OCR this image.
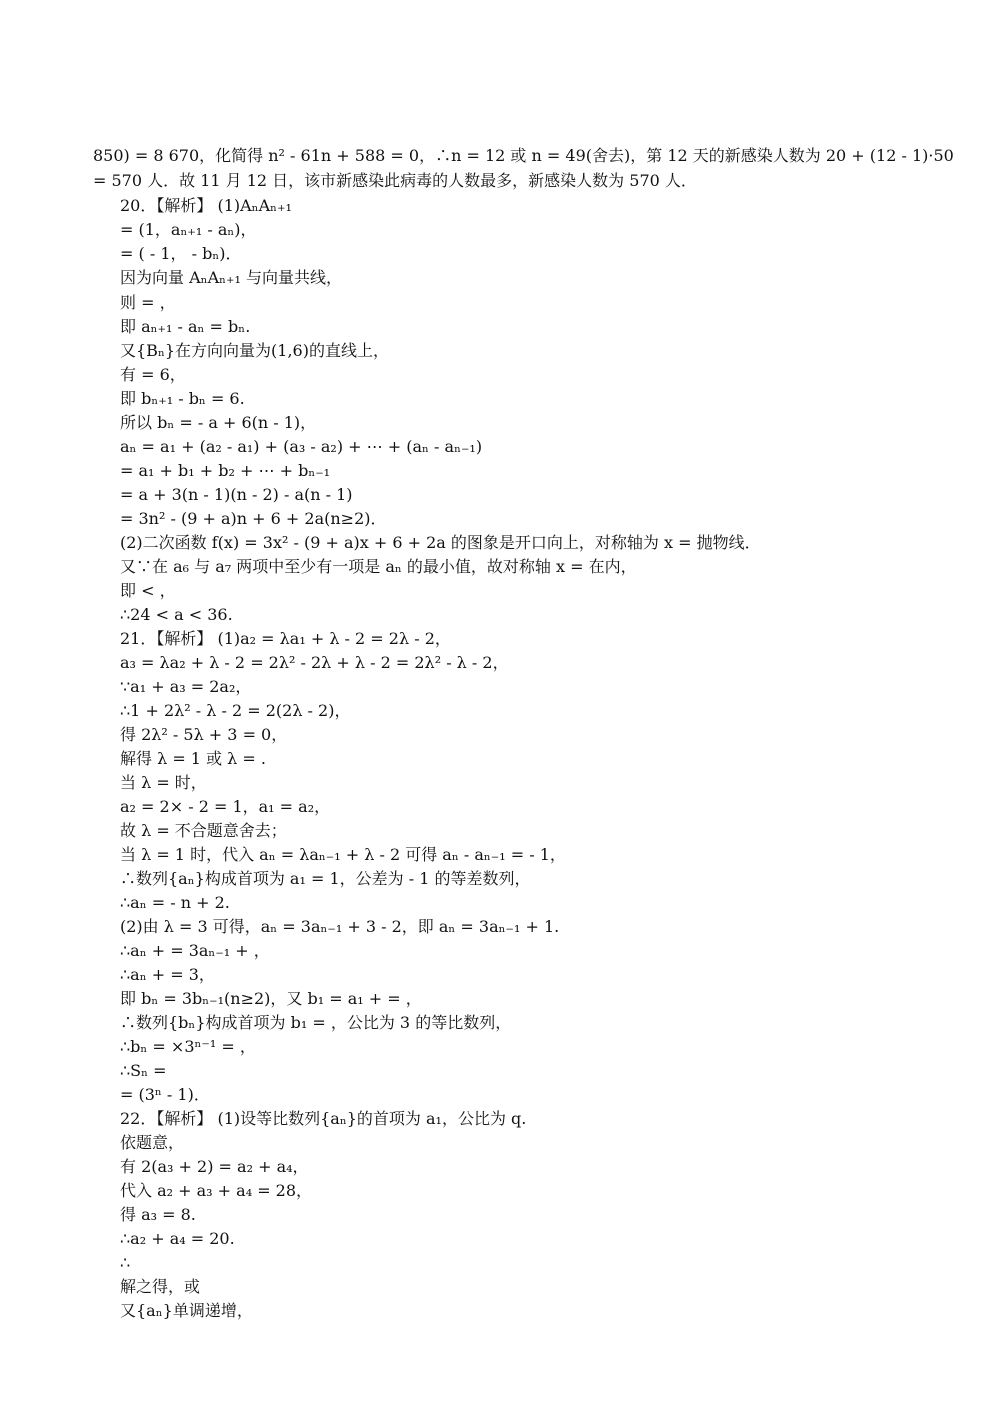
850) = 8 670，化简得 n² - 61n + 588 = 0，∴n = 12 或 n = 49(舍去)，第 12 天的新感染人数为 20 + (12 - 1)·50
= 570 人．故 11 月 12 日，该市新感染此病毒的人数最多，新感染人数为 570 人．
20．【解析】 (1)AₙAₙ₊₁
= (1，aₙ₊₁ - aₙ)，
= ( - 1， - bₙ)．
因为向量 AₙAₙ₊₁ 与向量共线，
则 = ，
即 aₙ₊₁ - aₙ = bₙ.
又{Bₙ}在方向向量为(1,6)的直线上，
有 = 6，
即 bₙ₊₁ - bₙ = 6.
所以 bₙ = - a + 6(n - 1)，
aₙ = a₁ + (a₂ - a₁) + (a₃ - a₂) + ⋯ + (aₙ - aₙ₋₁)
= a₁ + b₁ + b₂ + ⋯ + bₙ₋₁
= a + 3(n - 1)(n - 2) - a(n - 1)
= 3n² - (9 + a)n + 6 + 2a(n≥2)．
(2)二次函数 f(x) = 3x² - (9 + a)x + 6 + 2a 的图象是开口向上，对称轴为 x = 抛物线．
又∵在 a₆ 与 a₇ 两项中至少有一项是 aₙ 的最小值，故对称轴 x = 在内，
即 < ，
∴24 < a < 36.
21．【解析】 (1)a₂ = λa₁ + λ - 2 = 2λ - 2，
a₃ = λa₂ + λ - 2 = 2λ² - 2λ + λ - 2 = 2λ² - λ - 2，
∵a₁ + a₃ = 2a₂，
∴1 + 2λ² - λ - 2 = 2(2λ - 2)，
得 2λ² - 5λ + 3 = 0，
解得 λ = 1 或 λ = .
当 λ = 时，
a₂ = 2× - 2 = 1，a₁ = a₂，
故 λ = 不合题意舍去；
当 λ = 1 时，代入 aₙ = λaₙ₋₁ + λ - 2 可得 aₙ - aₙ₋₁ = - 1，
∴数列{aₙ}构成首项为 a₁ = 1，公差为 - 1 的等差数列，
∴aₙ = - n + 2.
(2)由 λ = 3 可得，aₙ = 3aₙ₋₁ + 3 - 2，即 aₙ = 3aₙ₋₁ + 1.
∴aₙ + = 3aₙ₋₁ + ，
∴aₙ + = 3，
即 bₙ = 3bₙ₋₁(n≥2)，又 b₁ = a₁ + = ，
∴数列{bₙ}构成首项为 b₁ = ，公比为 3 的等比数列，
∴bₙ = ×3ⁿ⁻¹ = ，
∴Sₙ =
= (3ⁿ - 1)．
22．【解析】 (1)设等比数列{aₙ}的首项为 a₁，公比为 q.
依题意，
有 2(a₃ + 2) = a₂ + a₄，
代入 a₂ + a₃ + a₄ = 28，
得 a₃ = 8.
∴a₂ + a₄ = 20.
∴
解之得，或
又{aₙ}单调递增，
